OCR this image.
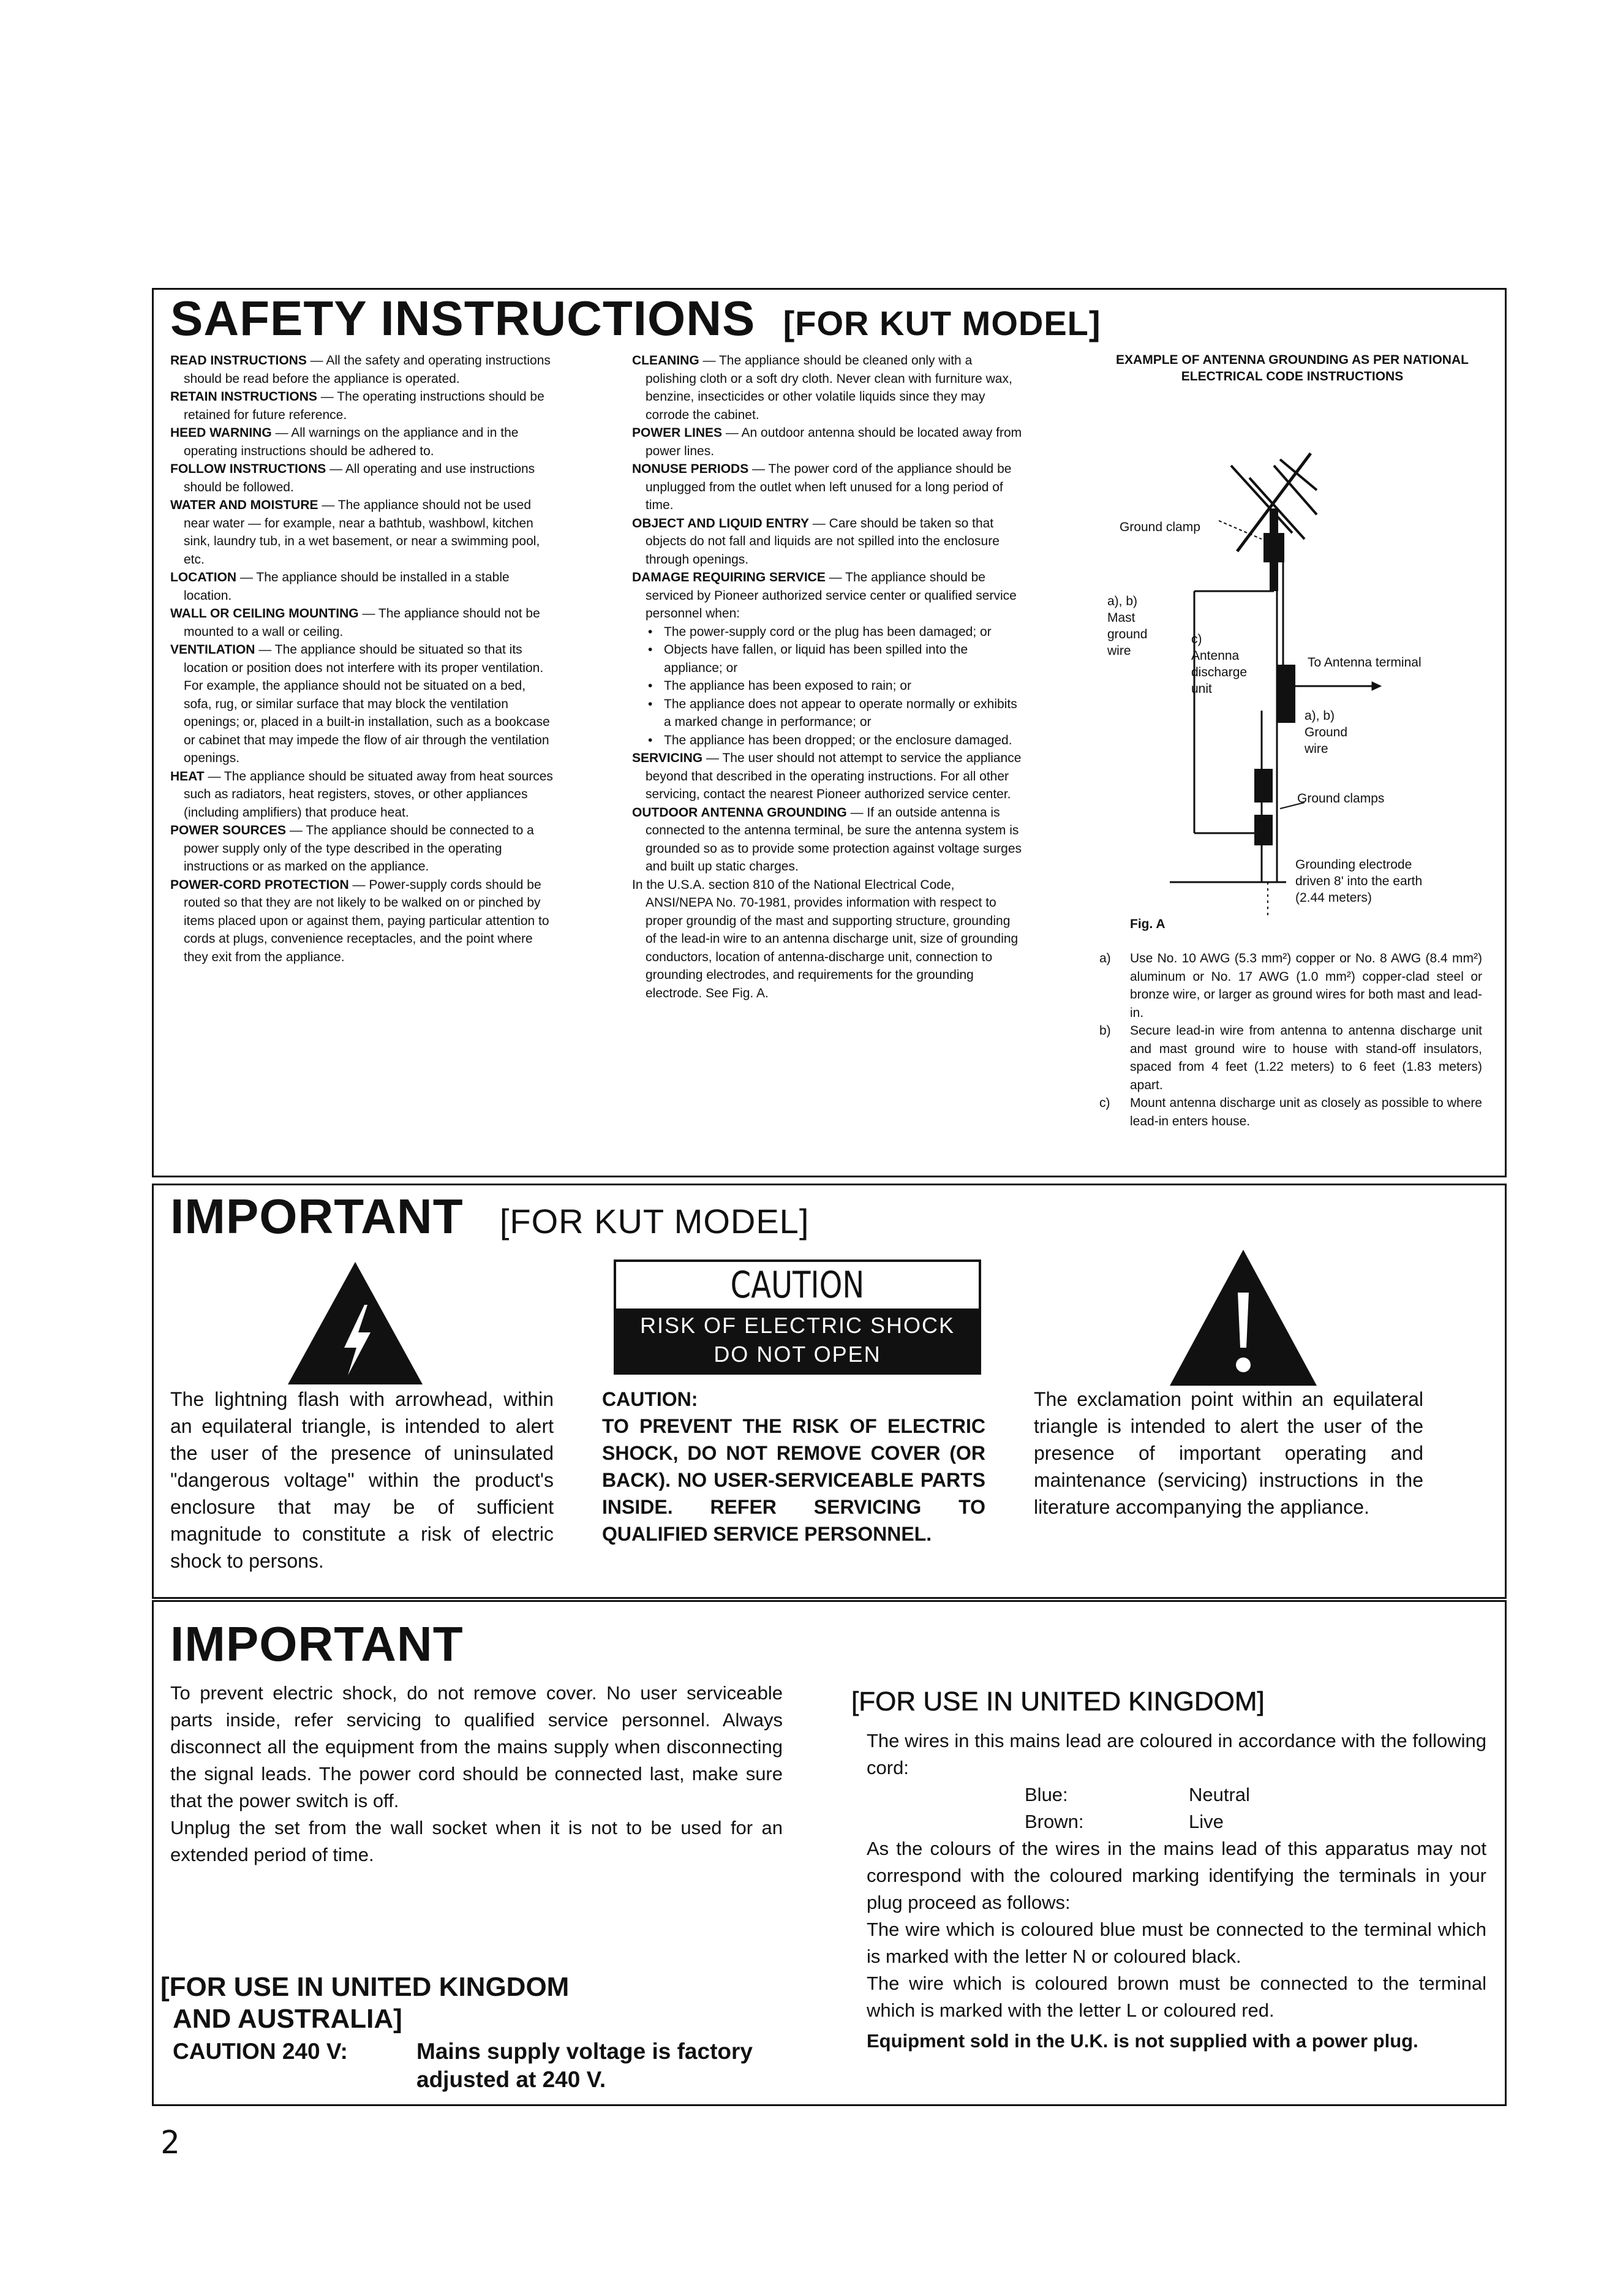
SAFETY INSTRUCTIONS [FOR KUT MODEL]

READ INSTRUCTIONS — All the safety and operating instructions should be read before the appliance is operated.

RETAIN INSTRUCTIONS — The operating instructions should be retained for future reference.

HEED WARNING — All warnings on the appliance and in the operating instructions should be adhered to.

FOLLOW INSTRUCTIONS — All operating and use instructions should be followed.

WATER AND MOISTURE — The appliance should not be used near water — for example, near a bathtub, washbowl, kitchen sink, laundry tub, in a wet basement, or near a swimming pool, etc.

LOCATION — The appliance should be installed in a stable location.

WALL OR CEILING MOUNTING — The appliance should not be mounted to a wall or ceiling.

VENTILATION — The appliance should be situated so that its location or position does not interfere with its proper ventilation. For example, the appliance should not be situated on a bed, sofa, rug, or similar surface that may block the ventilation openings; or, placed in a built-in installation, such as a bookcase or cabinet that may impede the flow of air through the ventilation openings.

HEAT — The appliance should be situated away from heat sources such as radiators, heat registers, stoves, or other appliances (including amplifiers) that produce heat.

POWER SOURCES — The appliance should be connected to a power supply only of the type described in the operating instructions or as marked on the appliance.

POWER-CORD PROTECTION — Power-supply cords should be routed so that they are not likely to be walked on or pinched by items placed upon or against them, paying particular attention to cords at plugs, convenience receptacles, and the point where they exit from the appliance.

CLEANING — The appliance should be cleaned only with a polishing cloth or a soft dry cloth. Never clean with furniture wax, benzine, insecticides or other volatile liquids since they may corrode the cabinet.

POWER LINES — An outdoor antenna should be located away from power lines.

NONUSE PERIODS — The power cord of the appliance should be unplugged from the outlet when left unused for a long period of time.

OBJECT AND LIQUID ENTRY — Care should be taken so that objects do not fall and liquids are not spilled into the enclosure through openings.

DAMAGE REQUIRING SERVICE — The appliance should be serviced by Pioneer authorized service center or qualified service personnel when:

• The power-supply cord or the plug has been damaged; or

• Objects have fallen, or liquid has been spilled into the appliance; or

• The appliance has been exposed to rain; or

• The appliance does not appear to operate normally or exhibits a marked change in performance; or

• The appliance has been dropped; or the enclosure damaged.

SERVICING — The user should not attempt to service the appliance beyond that described in the operating instructions. For all other servicing, contact the nearest Pioneer authorized service center.

OUTDOOR ANTENNA GROUNDING — If an outside antenna is connected to the antenna terminal, be sure the antenna system is grounded so as to provide some protection against voltage surges and built up static charges.

In the U.S.A. section 810 of the National Electrical Code, ANSI/NEPA No. 70-1981, provides information with respect to proper groundig of the mast and supporting structure, grounding of the lead-in wire to an antenna discharge unit, size of grounding conductors, location of antenna-discharge unit, connection to grounding electrodes, and requirements for the grounding electrode. See Fig. A.

EXAMPLE OF ANTENNA GROUNDING AS PER NATIONAL ELECTRICAL CODE INSTRUCTIONS
Ground clamp
a), b)
Mast
ground
wire
c)
Antenna
discharge
unit
To Antenna terminal
a), b)
Ground
wire
Ground clamps
Grounding electrode
driven 8' into the earth
(2.44 meters)
Fig. A
a) Use No. 10 AWG (5.3 mm²) copper or No. 8 AWG (8.4 mm²) aluminum or No. 17 AWG (1.0 mm²) copper-clad steel or bronze wire, or larger as ground wires for both mast and lead-in.
b) Secure lead-in wire from antenna to antenna discharge unit and mast ground wire to house with stand-off insulators, spaced from 4 feet (1.22 meters) to 6 feet (1.83 meters) apart.
c) Mount antenna discharge unit as closely as possible to where lead-in enters house.
IMPORTANT [FOR KUT MODEL]
CAUTION
RISK OF ELECTRIC SHOCK
DO NOT OPEN

The lightning flash with arrowhead, within an equilateral triangle, is intended to alert the user of the presence of uninsulated "dangerous voltage" within the product's enclosure that may be of sufficient magnitude to constitute a risk of electric shock to persons.

CAUTION:

TO PREVENT THE RISK OF ELECTRIC SHOCK, DO NOT REMOVE COVER (OR BACK). NO USER-SERVICEABLE PARTS INSIDE. REFER SERVICING TO QUALIFIED SERVICE PERSONNEL.

The exclamation point within an equilateral triangle is intended to alert the user of the presence of important operating and maintenance (servicing) instructions in the literature accompanying the appliance.

IMPORTANT

To prevent electric shock, do not remove cover. No user serviceable parts inside, refer servicing to qualified service personnel. Always disconnect all the equipment from the mains supply when disconnecting the signal leads. The power cord should be connected last, make sure that the power switch is off.

Unplug the set from the wall socket when it is not to be used for an extended period of time.

[FOR USE IN UNITED KINGDOM
AND AUSTRALIA]
CAUTION 240 V:	Mains supply voltage is factory
adjusted at 240 V.
[FOR USE IN UNITED KINGDOM]

The wires in this mains lead are coloured in accordance with the following cord:

Blue:	Neutral
Brown:	Live

As the colours of the wires in the mains lead of this apparatus may not correspond with the coloured marking identifying the terminals in your plug proceed as follows:

The wire which is coloured blue must be connected to the terminal which is marked with the letter N or coloured black.

The wire which is coloured brown must be connected to the terminal which is marked with the letter L or coloured red.

Equipment sold in the U.K. is not supplied with a power plug.

2
